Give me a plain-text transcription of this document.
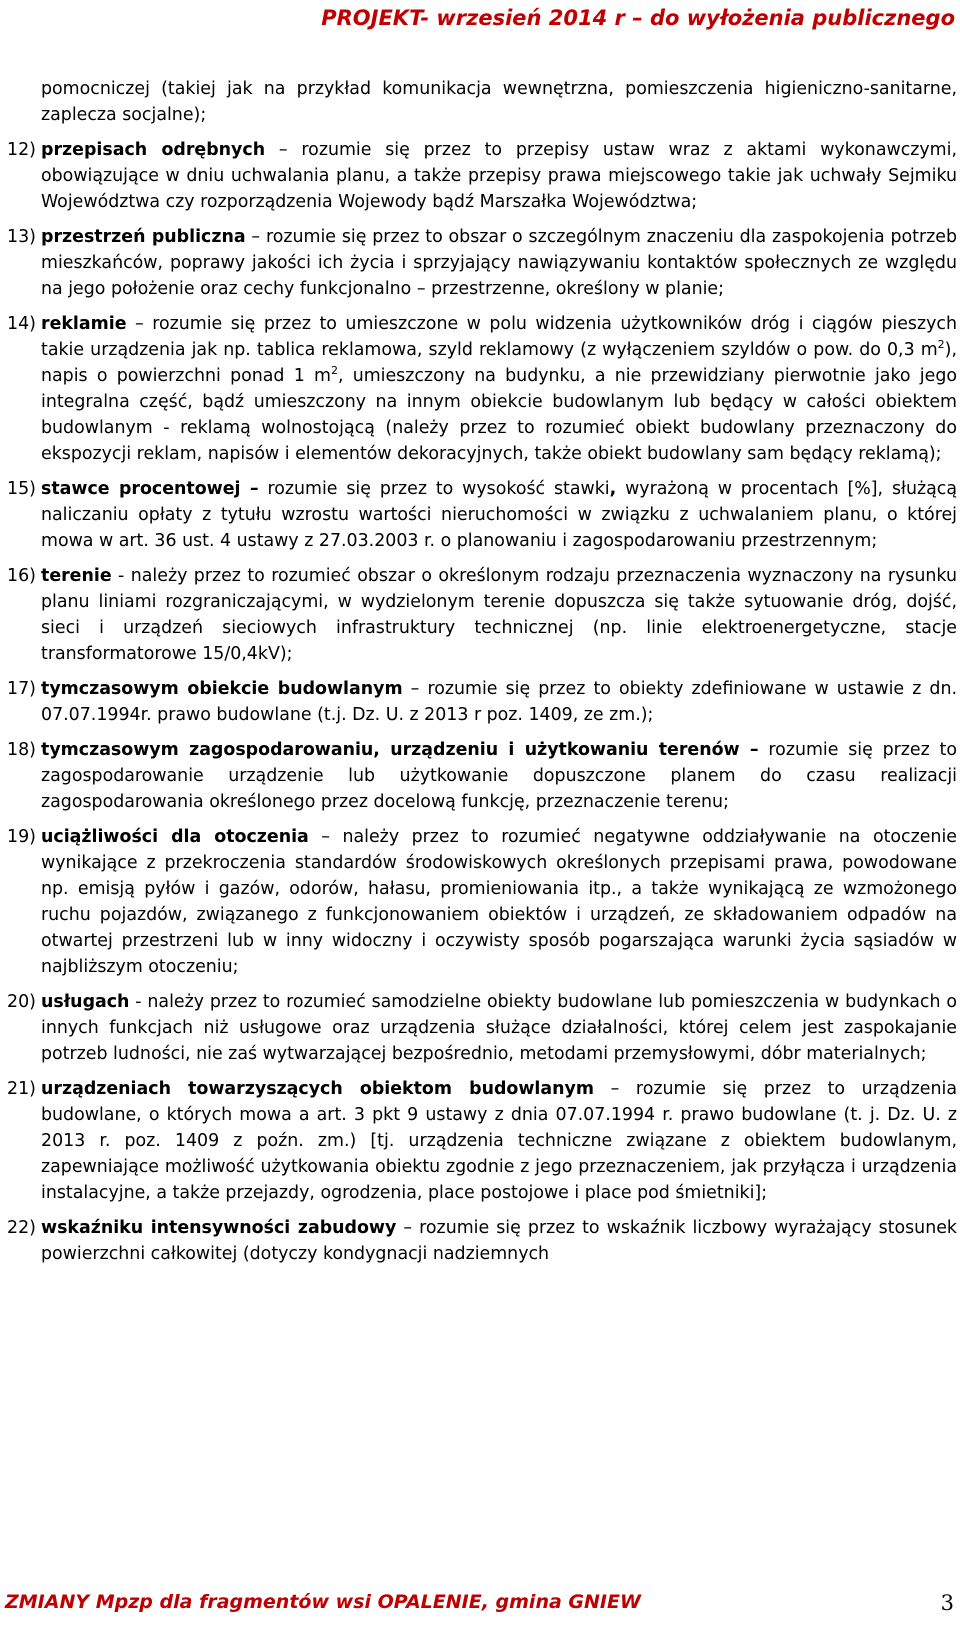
PROJEKT- wrzesień 2014 r – do wyłożenia publicznego

pomocniczej (takiej jak na przykład komunikacja wewnętrzna, pomieszczenia higieniczno-sanitarne, zaplecza socjalne);

12) przepisach odrębnych – rozumie się przez to przepisy ustaw wraz z aktami wykonawczymi, obowiązujące w dniu uchwalania planu, a także przepisy prawa miejscowego takie jak uchwały Sejmiku Województwa czy rozporządzenia Wojewody bądź Marszałka Województwa;
13) przestrzeń publiczna – rozumie się przez to obszar o szczególnym znaczeniu dla zaspokojenia potrzeb mieszkańców, poprawy jakości ich życia i sprzyjający nawiązywaniu kontaktów społecznych ze względu na jego położenie oraz cechy funkcjonalno – przestrzenne, określony w planie;
14) reklamie – rozumie się przez to umieszczone w polu widzenia użytkowników dróg i ciągów pieszych takie urządzenia jak np. tablica reklamowa, szyld reklamowy (z wyłączeniem szyldów o pow. do 0,3 $m^2$), napis o powierzchni ponad 1 $m^2$, umieszczony na budynku, a nie przewidziany pierwotnie jako jego integralna część, bądź umieszczony na innym obiekcie budowlanym lub będący w całości obiektem budowlanym - reklamą wolnostojącą (należy przez to rozumieć obiekt budowlany przeznaczony do ekspozycji reklam, napisów i elementów dekoracyjnych, także obiekt budowlany sam będący reklamą);
15) stawce procentowej – rozumie się przez to wysokość stawki, wyrażoną w procentach [%], służącą naliczaniu opłaty z tytułu wzrostu wartości nieruchomości w związku z uchwalaniem planu, o której mowa w art. 36 ust. 4 ustawy z 27.03.2003 r. o planowaniu i zagospodarowaniu przestrzennym;
16) terenie - należy przez to rozumieć obszar o określonym rodzaju przeznaczenia wyznaczony na rysunku planu liniami rozgraniczającymi, w wydzielonym terenie dopuszcza się także sytuowanie dróg, dojść, sieci i urządzeń sieciowych infrastruktury technicznej (np. linie elektroenergetyczne, stacje transformatorowe 15/0,4kV);
17) tymczasowym obiekcie budowlanym – rozumie się przez to obiekty zdefiniowane w ustawie z dn. 07.07.1994r. prawo budowlane (t.j. Dz. U. z 2013 r poz. 1409, ze zm.);
18) tymczasowym zagospodarowaniu, urządzeniu i użytkowaniu terenów – rozumie się przez to zagospodarowanie urządzenie lub użytkowanie dopuszczone planem do czasu realizacji zagospodarowania określonego przez docelową funkcję, przeznaczenie terenu;
19) uciążliwości dla otoczenia – należy przez to rozumieć negatywne oddziaływanie na otoczenie wynikające z przekroczenia standardów środowiskowych określonych przepisami prawa, powodowane np. emisją pyłów i gazów, odorów, hałasu, promieniowania itp., a także wynikającą ze wzmożonego ruchu pojazdów, związanego z funkcjonowaniem obiektów i urządzeń, ze składowaniem odpadów na otwartej przestrzeni lub w inny widoczny i oczywisty sposób pogarszająca warunki życia sąsiadów w najbliższym otoczeniu;
20) usługach - należy przez to rozumieć samodzielne obiekty budowlane lub pomieszczenia w budynkach o innych funkcjach niż usługowe oraz urządzenia służące działalności, której celem jest zaspokajanie potrzeb ludności, nie zaś wytwarzającej bezpośrednio, metodami przemysłowymi, dóbr materialnych;
21) urządzeniach towarzyszących obiektom budowlanym – rozumie się przez to urządzenia budowlane, o których mowa a art. 3 pkt 9 ustawy z dnia 07.07.1994 r. prawo budowlane (t. j. Dz. U. z 2013 r. poz. 1409 z poźn. zm.) [tj. urządzenia techniczne związane z obiektem budowlanym, zapewniające możliwość użytkowania obiektu zgodnie z jego przeznaczeniem, jak przyłącza i urządzenia instalacyjne, a także przejazdy, ogrodzenia, place postojowe i place pod śmietniki];
22) wskaźniku intensywności zabudowy – rozumie się przez to wskaźnik liczbowy wyrażający stosunek powierzchni całkowitej (dotyczy kondygnacji nadziemnych
ZMIANY Mpzp dla fragmentów wsi OPALENIE, gmina GNIEW	3
